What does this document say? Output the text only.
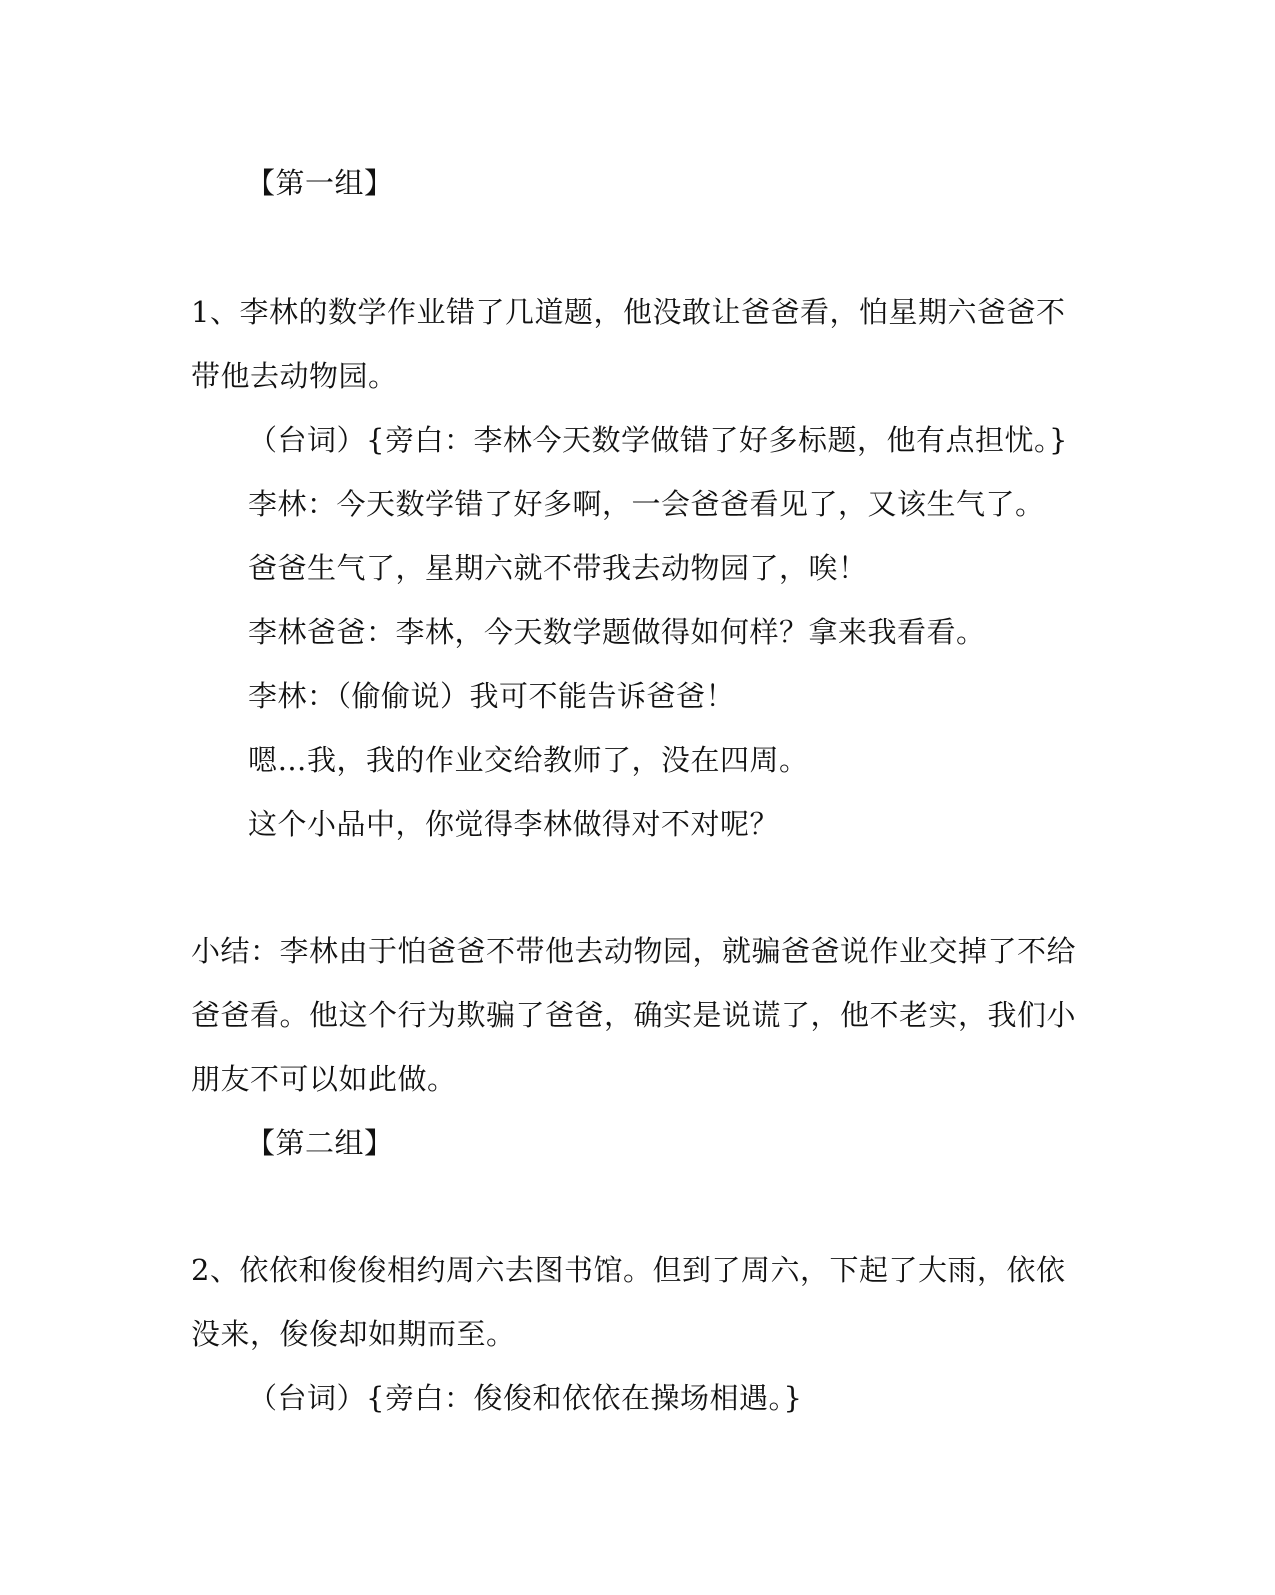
【第一组】
1、李林的数学作业错了几道题，他没敢让爸爸看，怕星期六爸爸不
带他去动物园。
（台词）{旁白：李林今天数学做错了好多标题，他有点担忧。}
李林：今天数学错了好多啊，一会爸爸看见了，又该生气了。
爸爸生气了，星期六就不带我去动物园了，唉！
李林爸爸：李林，今天数学题做得如何样？拿来我看看。
李林：（偷偷说）我可不能告诉爸爸！
嗯…我，我的作业交给教师了，没在四周。
这个小品中，你觉得李林做得对不对呢？
小结：李林由于怕爸爸不带他去动物园，就骗爸爸说作业交掉了不给
爸爸看。他这个行为欺骗了爸爸，确实是说谎了，他不老实，我们小
朋友不可以如此做。
【第二组】
2、依依和俊俊相约周六去图书馆。但到了周六，下起了大雨，依依
没来，俊俊却如期而至。
（台词）{旁白：俊俊和依依在操场相遇。}
